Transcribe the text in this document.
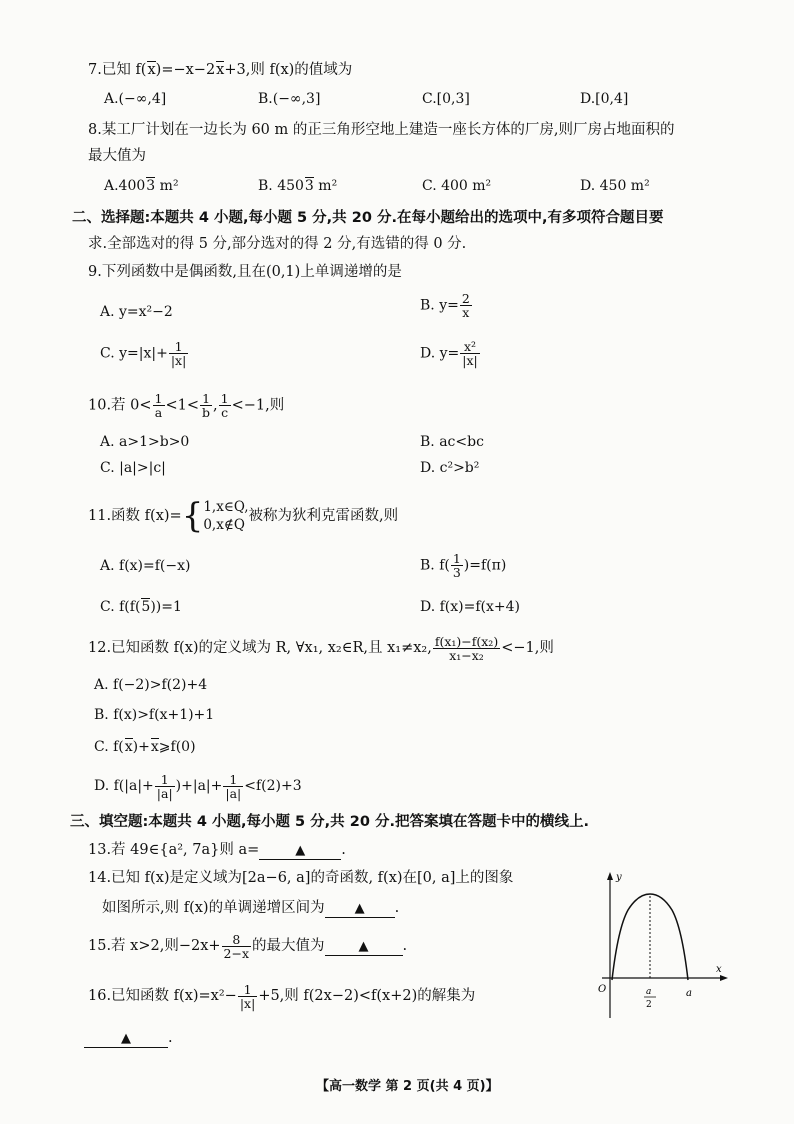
7.已知 f(x)=−x−2x+3,则 f(x)的值域为
A.(−∞,4]	B.(−∞,3]	C.[0,3]	D.[0,4]
8.某工厂计划在一边长为 60 m 的正三角形空地上建造一座长方体的厂房,则厂房占地面积的
最大值为
A.4003 m²	B. 4503 m²	C. 400 m²	D. 450 m²
二、选择题:本题共 4 小题,每小题 5 分,共 20 分.在每小题给出的选项中,有多项符合题目要
求.全部选对的得 5 分,部分选对的得 2 分,有选错的得 0 分.
9.下列函数中是偶函数,且在(0,1)上单调递增的是
A. y=x²−2	B. $y= \frac{2}{x}$
C. $y=|x|+ \frac{1}{|x|}$	D. $y= \frac{\text{x²}}{|x|}$
10.若 $0< \frac{1}{a} <1< \frac{1}{b}$ , $\frac{1}{c} <-1$,则
A. a>1>b>0	B. ac<bc
C. |a|>|c|	D. c²>b²
11.函数 f(x)={ 1,x∈Q,
0,x∉Q
被称为狄利克雷函数,则
A. f(x)=f(−x)	B. $f( \frac{1}{3} )=f(\pi)$
C. f(f(5))=1	D. f(x)=f(x+4)
12.已知函数 f(x)的定义域为 R, ∀x₁, x₂∈R,且 x₁≠x₂, $\frac{\text{f(x₁)−f(x₂)}}{\text{x₁−x₂}} <-1$,则
A. f(−2)>f(2)+4
B. f(x)>f(x+1)+1
C. f(x)+x⩾f(0)
D. $f(|a|+ \frac{1}{|a|} )+|a|+ \frac{1}{|a|} <f(2)+3$
三、填空题:本题共 4 小题,每小题 5 分,共 20 分.把答案填在答题卡中的横线上.
13.若 49∈{a², 7a}则 a=	▲ .
14.已知 f(x)是定义域为[2a−6, a]的奇函数, f(x)在[0, a]上的图象
如图所示,则 f(x)的单调递增区间为 ▲ .
15.若 x>2,则$-2x+ \frac{8}{2-x}$ 的最大值为	▲ .
16.已知函数 $f(x)=x^2- \frac{1}{|x|} +5$,则 f(2x−2)<f(x+2)的解集为
▲	.
y
x
O	a
2
a
【高一数学 第 2 页(共 4 页)】
